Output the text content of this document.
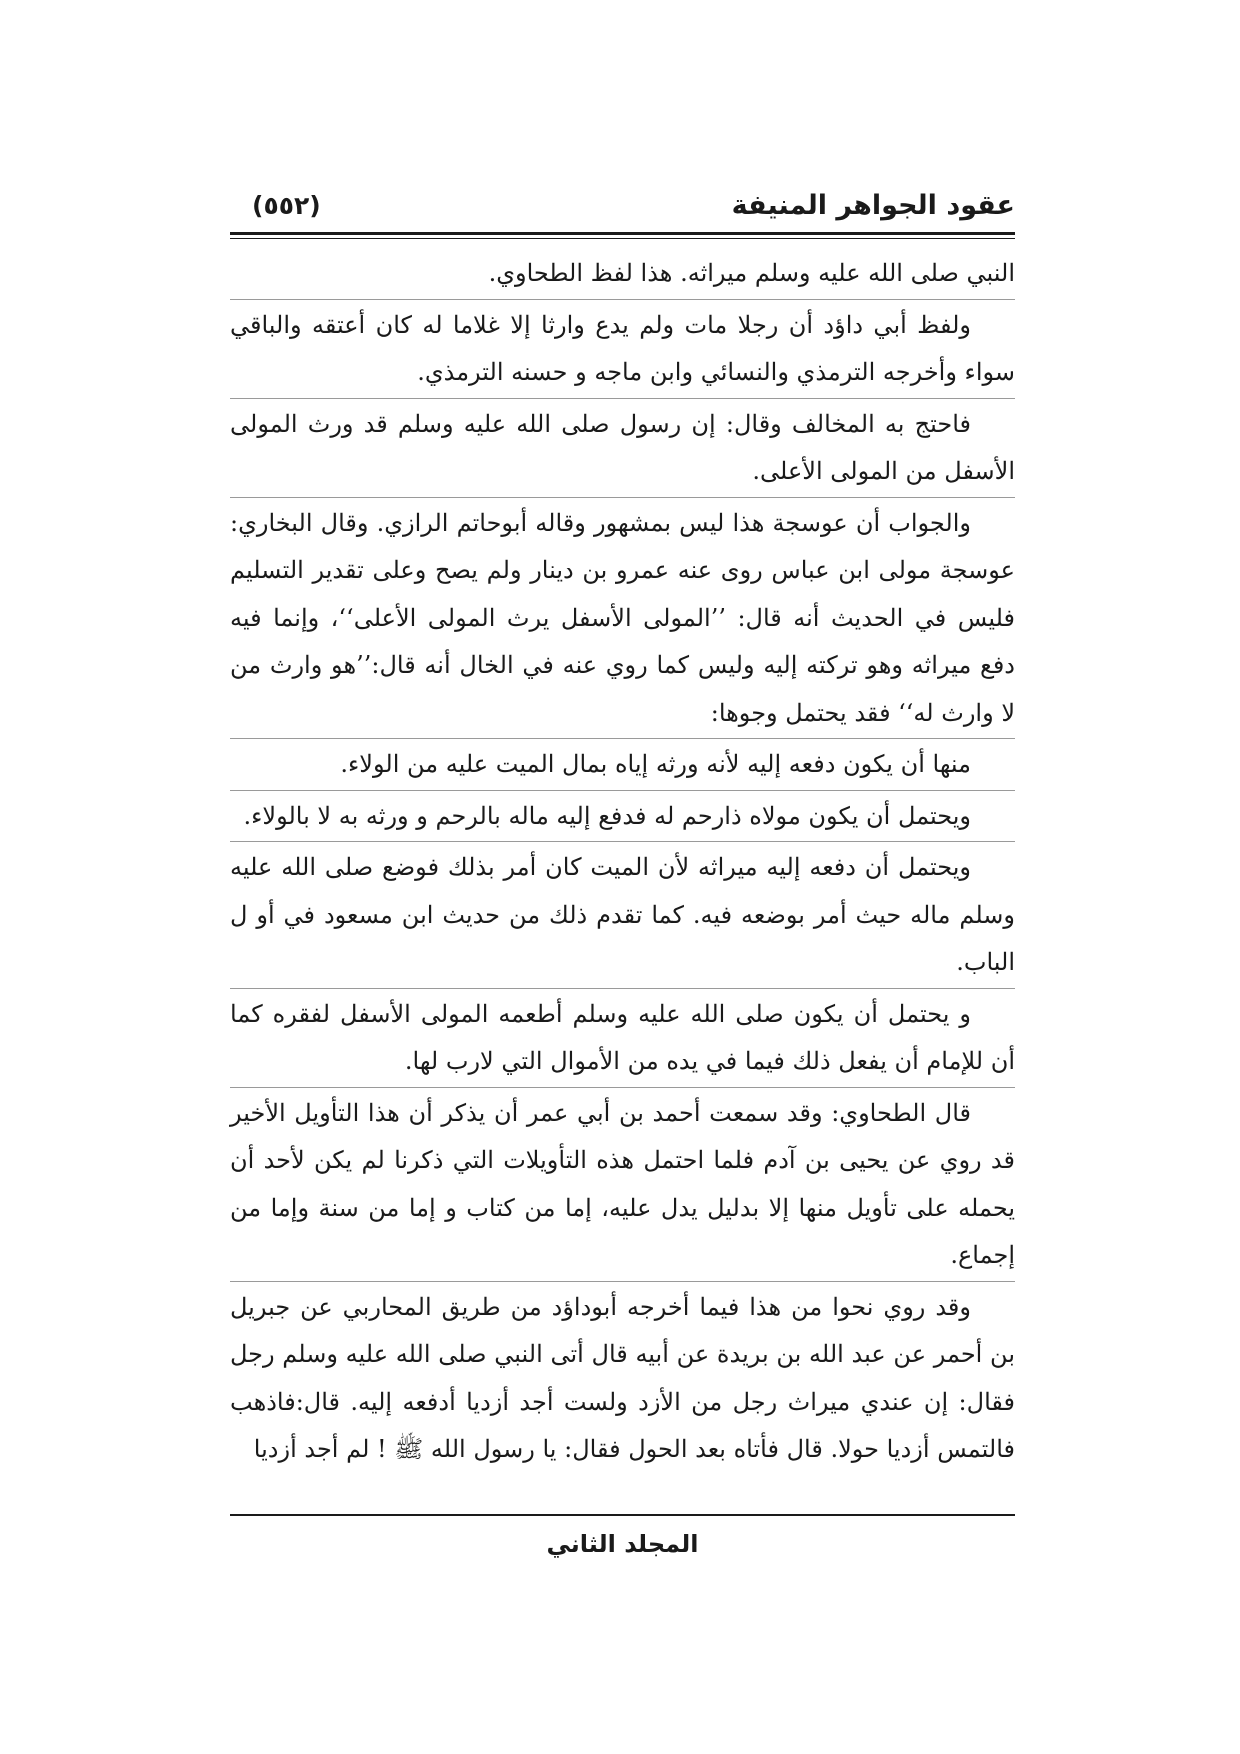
عقود الجواهر المنيفة
(٥٥٢)

النبي صلى الله عليه وسلم ميراثه. هذا لفظ الطحاوي.

ولفظ أبي داؤد أن رجلا مات ولم يدع وارثا إلا غلاما له كان أعتقه والباقي سواء وأخرجه الترمذي والنسائي وابن ماجه و حسنه الترمذي.

فاحتج به المخالف وقال: إن رسول صلى الله عليه وسلم قد ورث المولى الأسفل من المولى الأعلى.

والجواب أن عوسجة هذا ليس بمشهور وقاله أبوحاتم الرازي. وقال البخاري: عوسجة مولى ابن عباس روى عنه عمرو بن دينار ولم يصح وعلى تقدير التسليم فليس في الحديث أنه قال: ’’المولى الأسفل يرث المولى الأعلى‘‘، وإنما فيه دفع ميراثه وهو تركته إليه وليس كما روي عنه في الخال أنه قال:’’هو وارث من لا وارث له‘‘ فقد يحتمل وجوها:

منها أن يكون دفعه إليه لأنه ورثه إياه بمال الميت عليه من الولاء.

ويحتمل أن يكون مولاه ذارحم له فدفع إليه ماله بالرحم و ورثه به لا بالولاء.

ويحتمل أن دفعه إليه ميراثه لأن الميت كان أمر بذلك فوضع صلى الله عليه وسلم ماله حيث أمر بوضعه فيه. كما تقدم ذلك من حديث ابن مسعود في أو ل الباب.

و يحتمل أن يكون صلى الله عليه وسلم أطعمه المولى الأسفل لفقره كما أن للإمام أن يفعل ذلك فيما في يده من الأموال التي لارب لها.

قال الطحاوي: وقد سمعت أحمد بن أبي عمر أن يذكر أن هذا التأويل الأخير قد روي عن يحيى بن آدم فلما احتمل هذه التأويلات التي ذكرنا لم يكن لأحد أن يحمله على تأويل منها إلا بدليل يدل عليه، إما من كتاب و إما من سنة وإما من إجماع.

وقد روي نحوا من هذا فيما أخرجه أبوداؤد من طريق المحاربي عن جبريل بن أحمر عن عبد الله بن بريدة عن أبيه قال أتى النبي صلى الله عليه وسلم رجل فقال: إن عندي ميراث رجل من الأزد ولست أجد أزديا أدفعه إليه. قال:فاذهب فالتمس أزديا حولا. قال فأتاه بعد الحول فقال: يا رسول الله ﷺ ! لم أجد أزديا

المجلد الثاني
